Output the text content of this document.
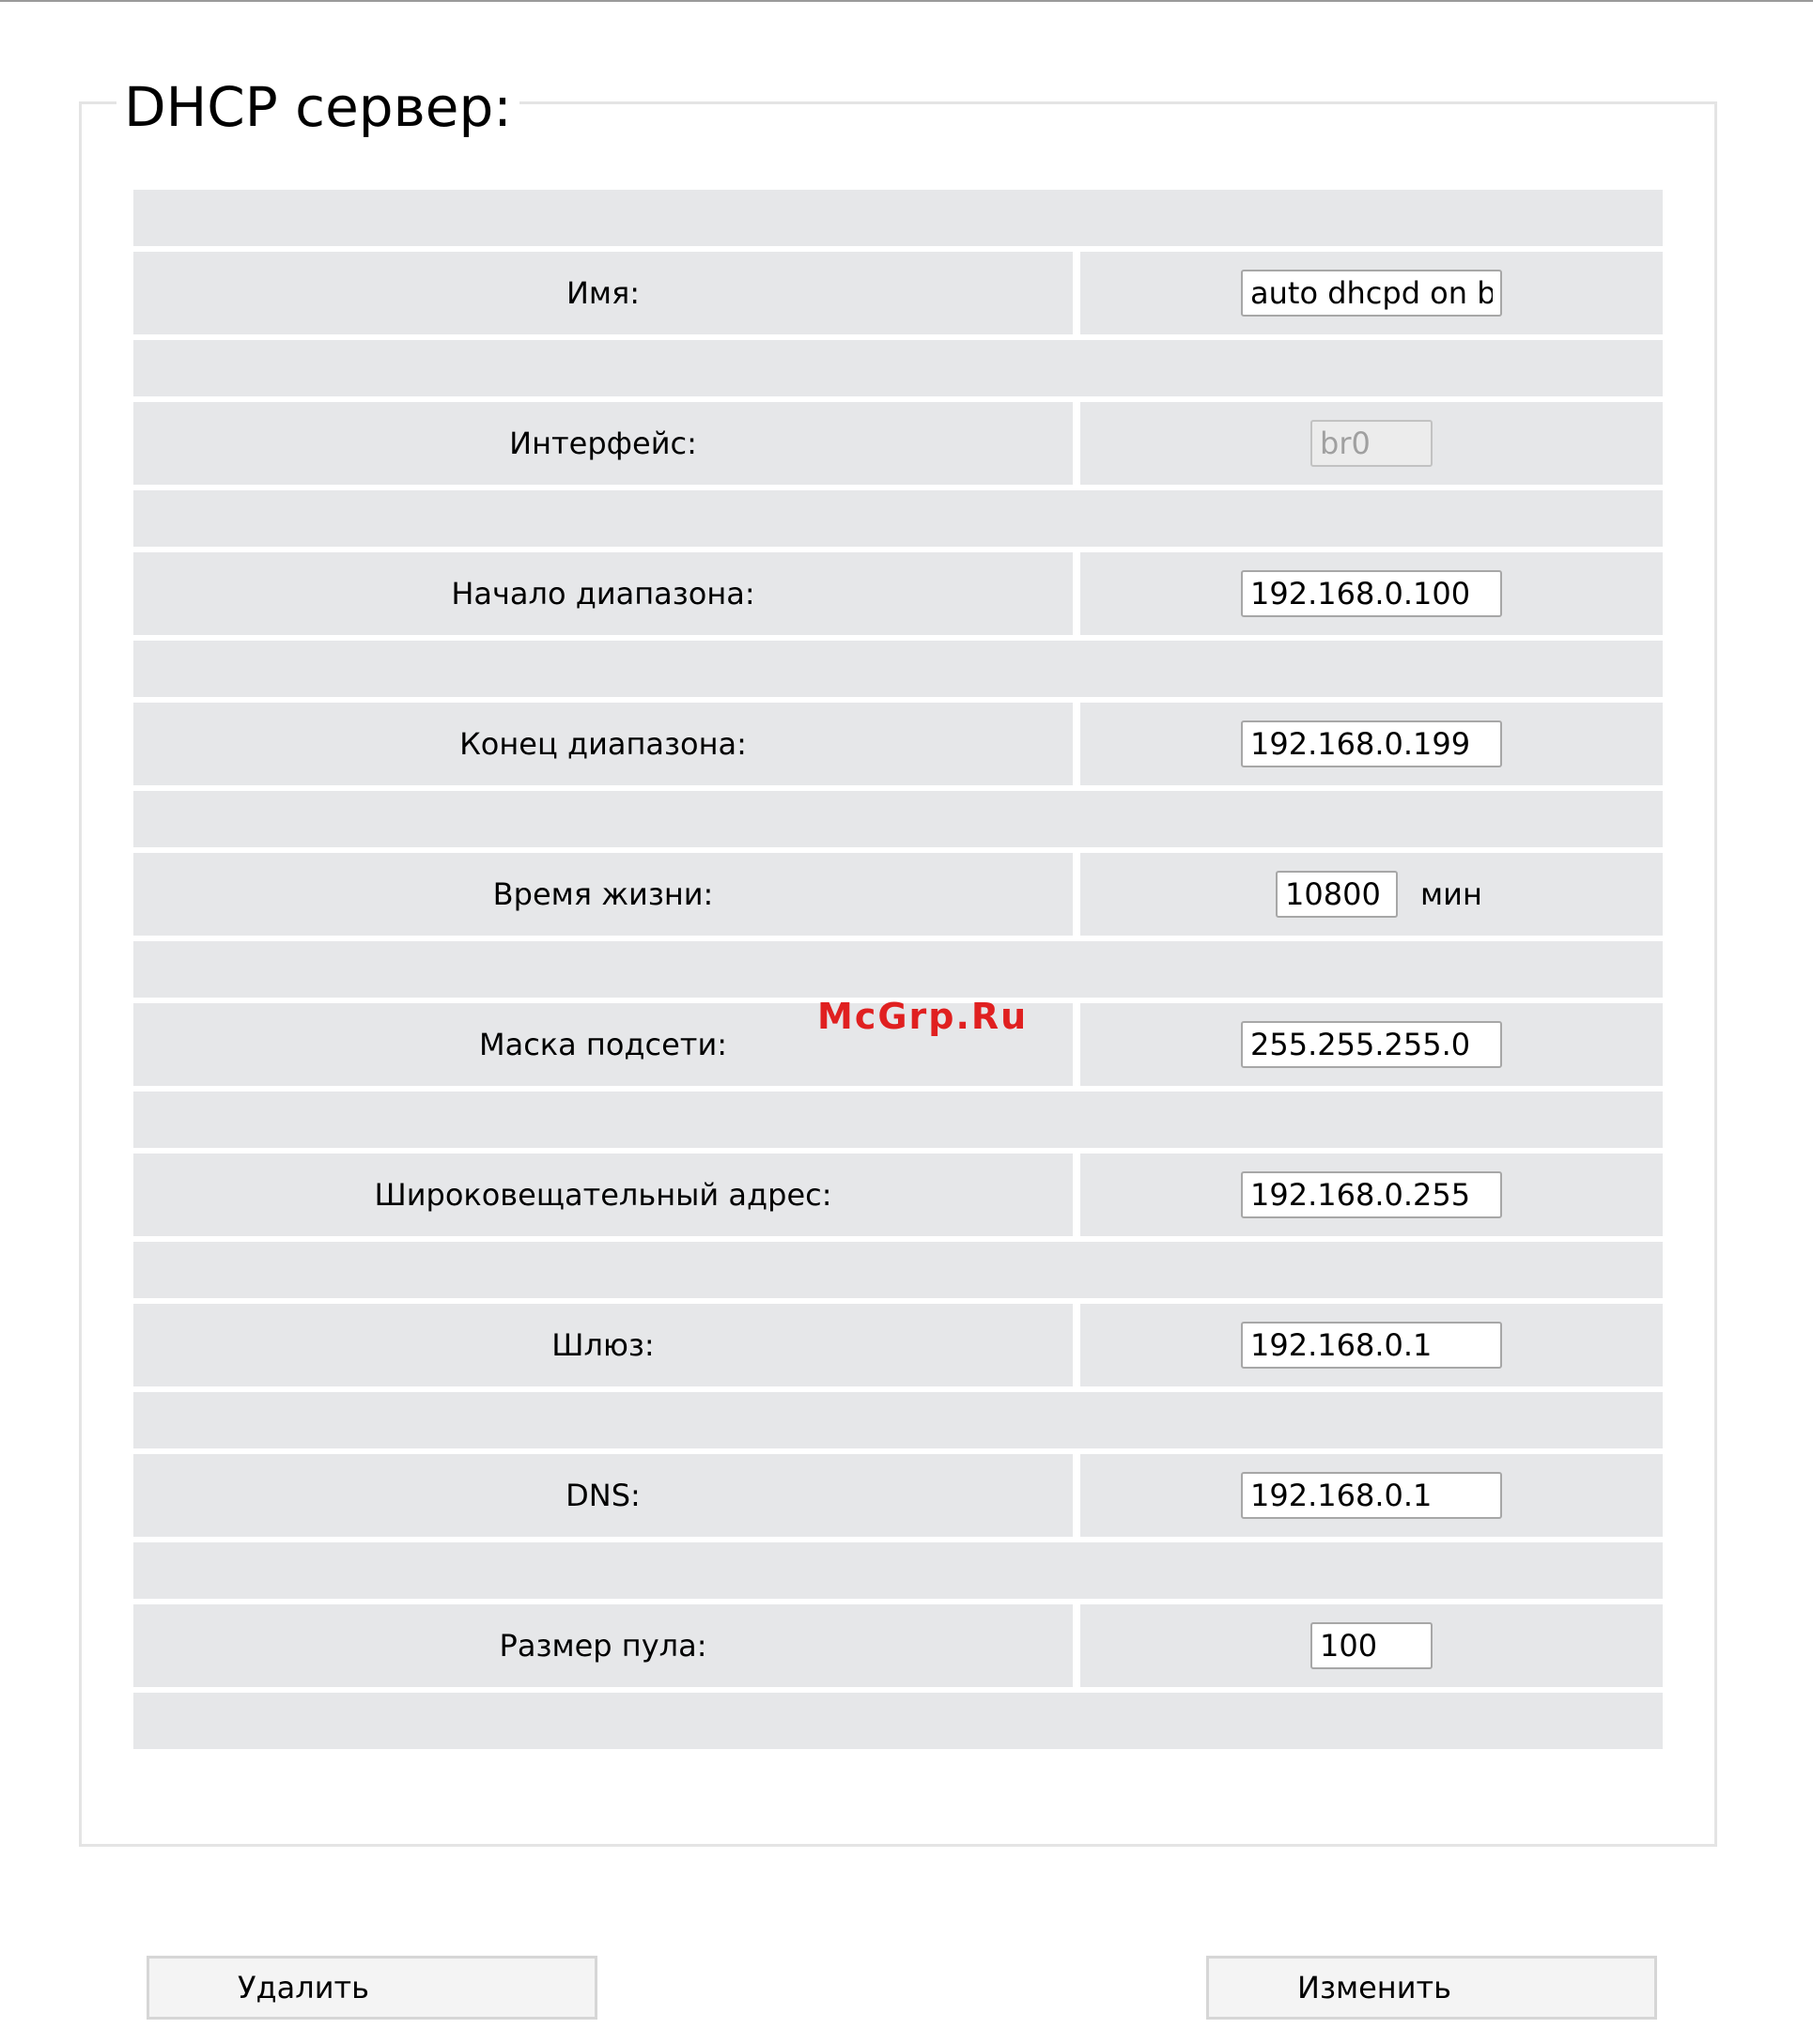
DHCP сервер:
Имя:
auto dhcpd on br0
Интерфейс:
br0
Начало диапазона:
192.168.0.100
Конец диапазона:
192.168.0.199
Время жизни:
10800	мин
Маска подсети:
255.255.255.0
Широковещательный адрес:
192.168.0.255
Шлюз:
192.168.0.1
DNS:
192.168.0.1
Размер пула:
100
McGrp.Ru
Удалить	Изменить
